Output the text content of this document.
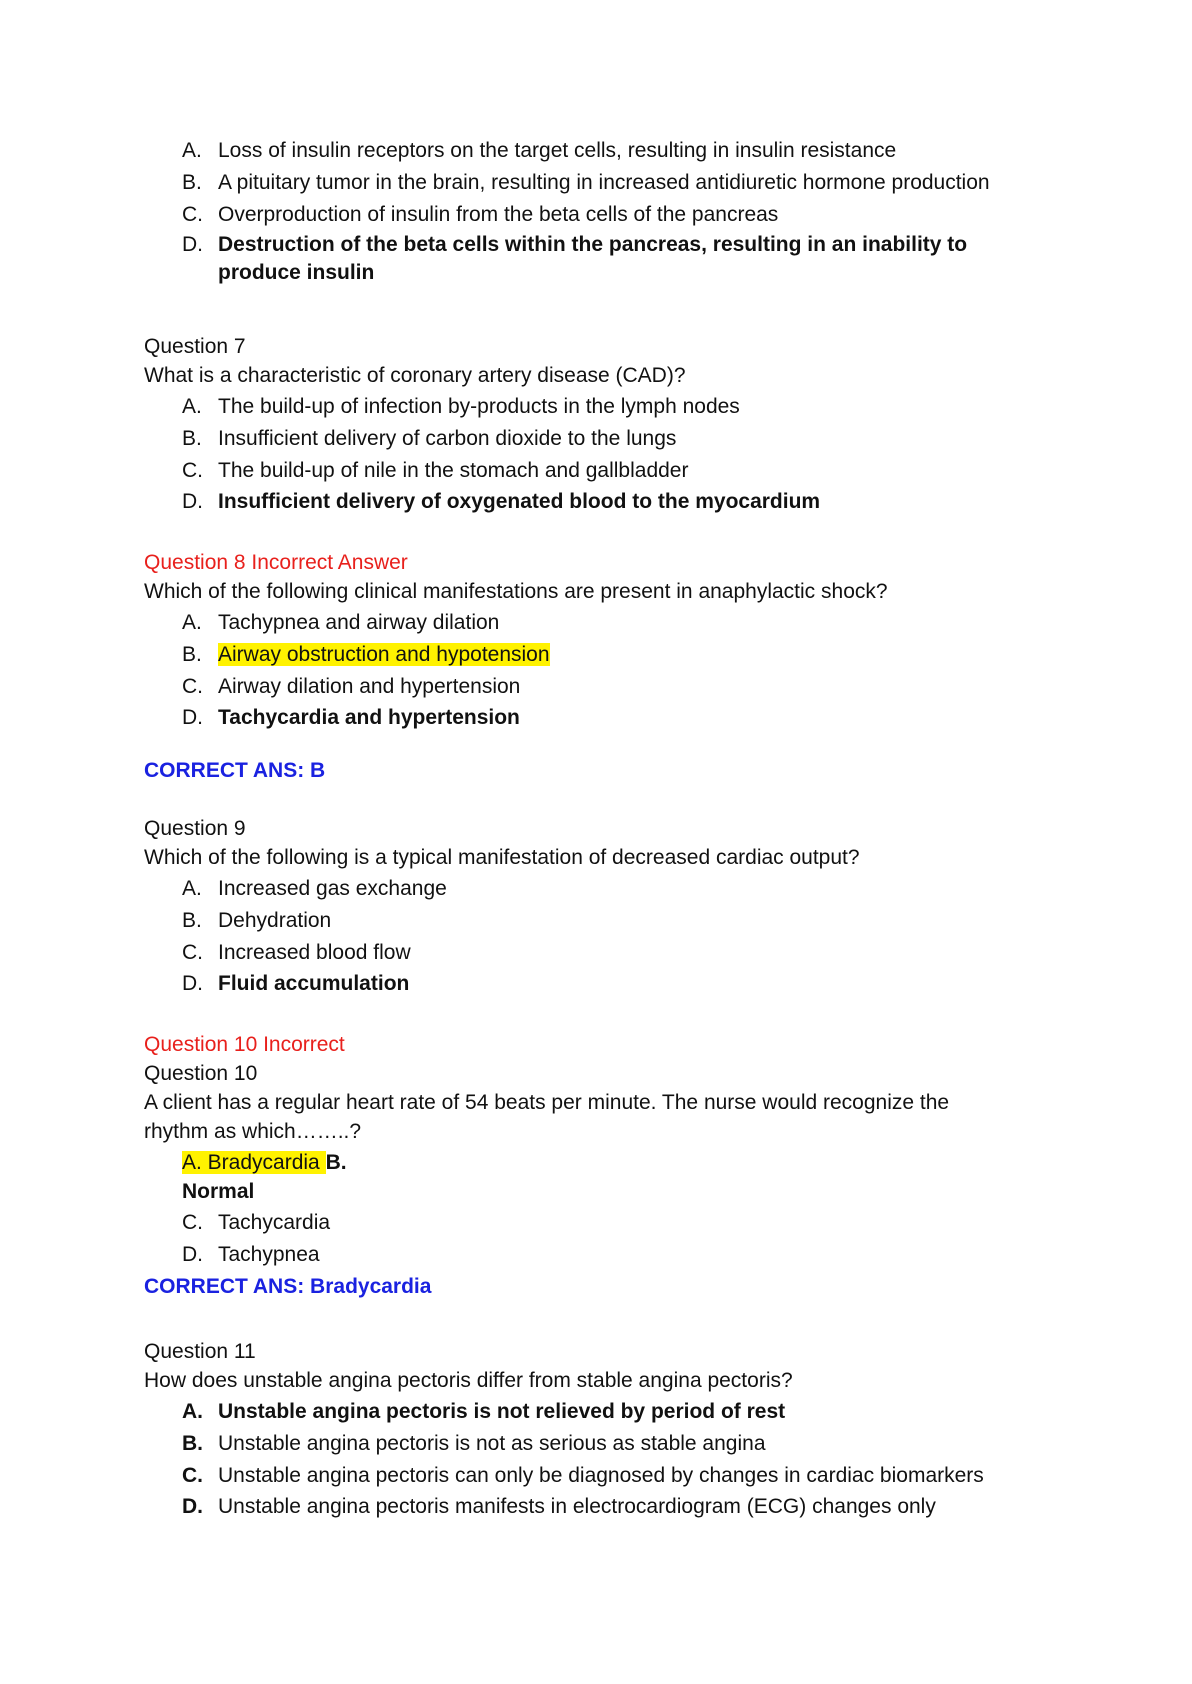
A. Loss of insulin receptors on the target cells, resulting in insulin resistance
B. A pituitary tumor in the brain, resulting in increased antidiuretic hormone production
C. Overproduction of insulin from the beta cells of the pancreas
D. Destruction of the beta cells within the pancreas, resulting in an inability to
produce insulin
Question 7
What is a characteristic of coronary artery disease (CAD)?
A. The build-up of infection by-products in the lymph nodes
B. Insufficient delivery of carbon dioxide to the lungs
C. The build-up of nile in the stomach and gallbladder
D. Insufficient delivery of oxygenated blood to the myocardium
Question 8 Incorrect Answer
Which of the following clinical manifestations are present in anaphylactic shock?
A. Tachypnea and airway dilation
B. Airway obstruction and hypotension
C. Airway dilation and hypertension
D. Tachycardia and hypertension
CORRECT ANS: B
Question 9
Which of the following is a typical manifestation of decreased cardiac output?
A. Increased gas exchange
B. Dehydration
C. Increased blood flow
D. Fluid accumulation
Question 10 Incorrect
Question 10
A client has a regular heart rate of 54 beats per minute. The nurse would recognize the
rhythm as which……..?
A. Bradycardia B.
Normal
C. Tachycardia
D. Tachypnea
CORRECT ANS: Bradycardia
Question 11
How does unstable angina pectoris differ from stable angina pectoris?
A. Unstable angina pectoris is not relieved by period of rest
B. Unstable angina pectoris is not as serious as stable angina
C. Unstable angina pectoris can only be diagnosed by changes in cardiac biomarkers
D. Unstable angina pectoris manifests in electrocardiogram (ECG) changes only
